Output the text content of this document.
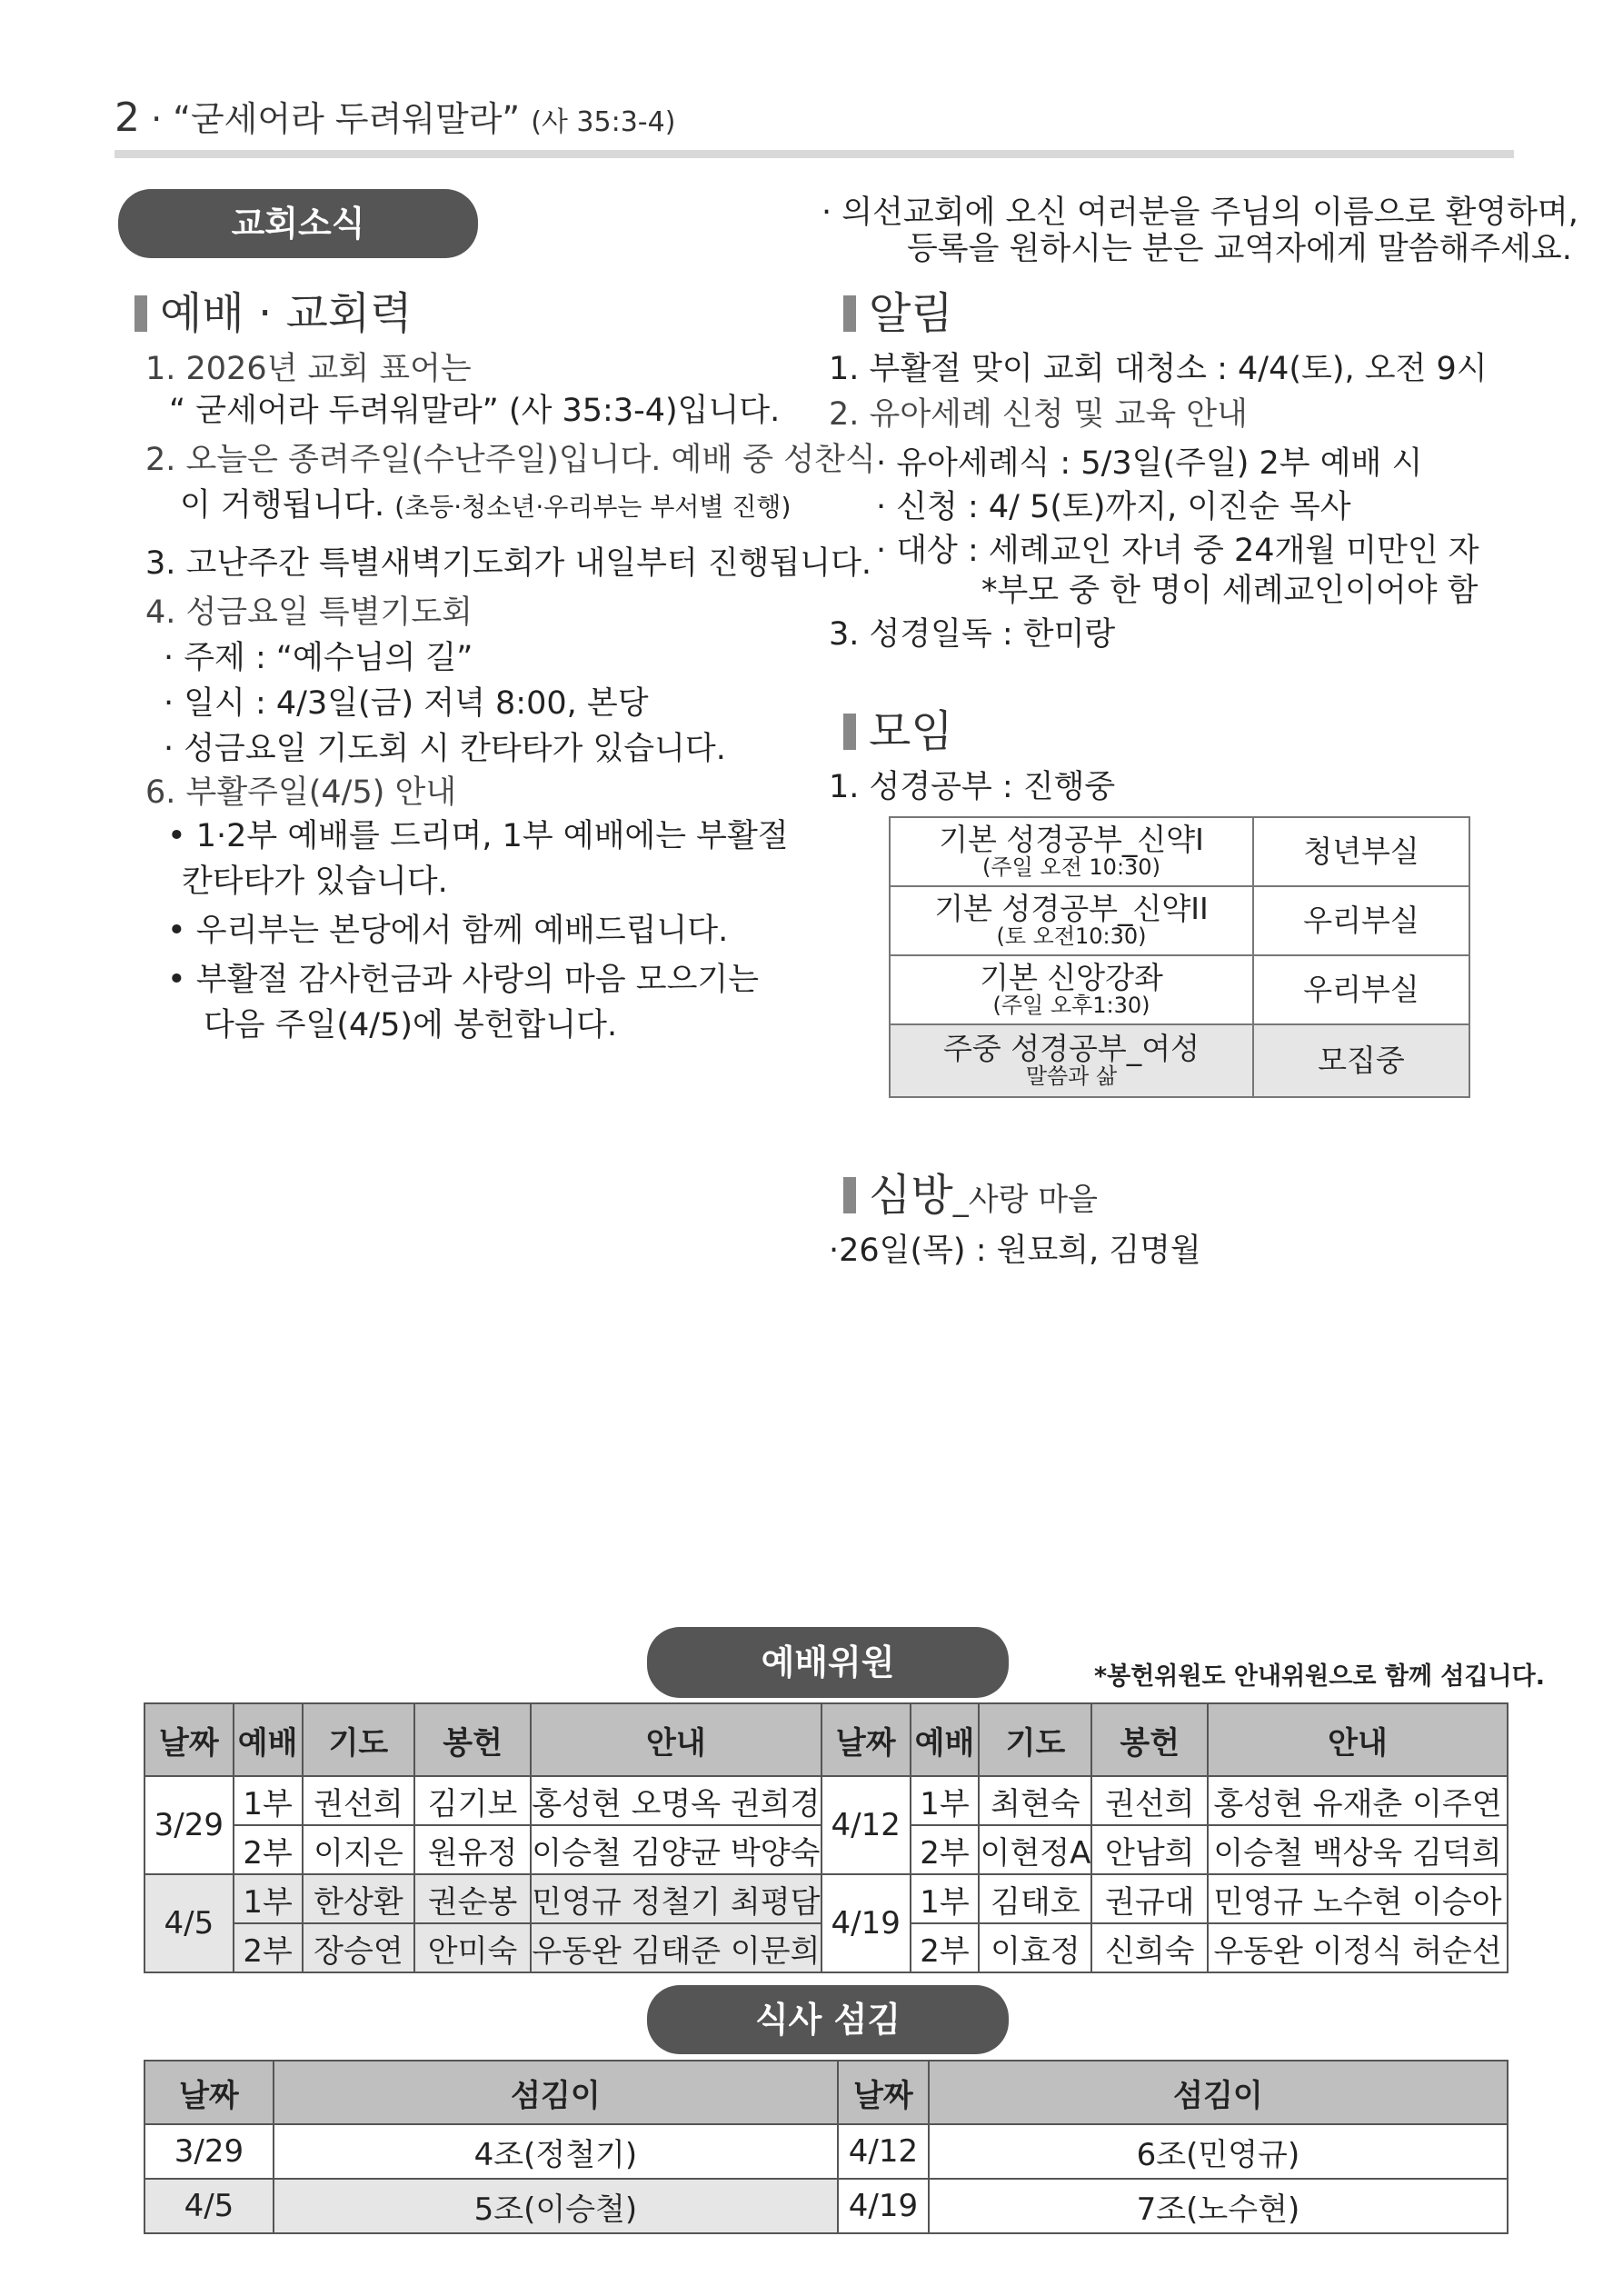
2 · “굳세어라 두려워말라” (사 35:3-4)
교회소식	· 의선교회에 오신 여러분을 주님의 이름으로 환영하며,
등록을 원하시는 분은 교역자에게 말씀해주세요.
예배 · 교회력
1. 2026년 교회 표어는
“ 굳세어라 두려워말라” (사 35:3-4)입니다.
2. 오늘은 종려주일(수난주일)입니다. 예배 중 성찬식
이 거행됩니다. (초등·청소년·우리부는 부서별 진행)
3. 고난주간 특별새벽기도회가 내일부터 진행됩니다.
4. 성금요일 특별기도회
· 주제 : “예수님의 길”
· 일시 : 4/3일(금) 저녁 8:00, 본당
· 성금요일 기도회 시 칸타타가 있습니다.
6. 부활주일(4/5) 안내
• 1·2부 예배를 드리며, 1부 예배에는 부활절
칸타타가 있습니다.
• 우리부는 본당에서 함께 예배드립니다.
• 부활절 감사헌금과 사랑의 마음 모으기는
다음 주일(4/5)에 봉헌합니다.
알림
1. 부활절 맞이 교회 대청소 : 4/4(토), 오전 9시
2. 유아세례 신청 및 교육 안내
· 유아세례식 : 5/3일(주일) 2부 예배 시
· 신청 : 4/ 5(토)까지, 이진순 목사
· 대상 : 세례교인 자녀 중 24개월 미만인 자
*부모 중 한 명이 세례교인이어야 함
3. 성경일독 : 한미랑
모임
1. 성경공부 : 진행중
기본 성경공부_신약I
(주일 오전 10:30)	청년부실
기본 성경공부_신약II
(토 오전10:30)	우리부실
기본 신앙강좌
(주일 오후1:30)	우리부실
주중 성경공부_여성
말씀과 삶	모집중
심방_사랑 마을
·26일(목) : 원묘희, 김명월
예배위원	*봉헌위원도 안내위원으로 함께 섬깁니다.
날짜	예배	기도	봉헌	안내	날짜	예배	기도	봉헌	안내
3/29	1부	권선희	김기보	홍성현 오명옥 권희경	4/12	1부	최현숙	권선희	홍성현 유재춘 이주연
	2부	이지은	원유정	이승철 김양균 박양숙		2부	이현정A	안남희	이승철 백상욱 김덕희
4/5	1부	한상환	권순봉	민영규 정철기 최평담	4/19	1부	김태호	권규대	민영규 노수현 이승아
	2부	장승연	안미숙	우동완 김태준 이문희		2부	이효정	신희숙	우동완 이정식 허순선
식사 섬김
날짜	섬김이	날짜	섬김이
3/29	4조(정철기)	4/12	6조(민영규)
4/5	5조(이승철)	4/19	7조(노수현)
